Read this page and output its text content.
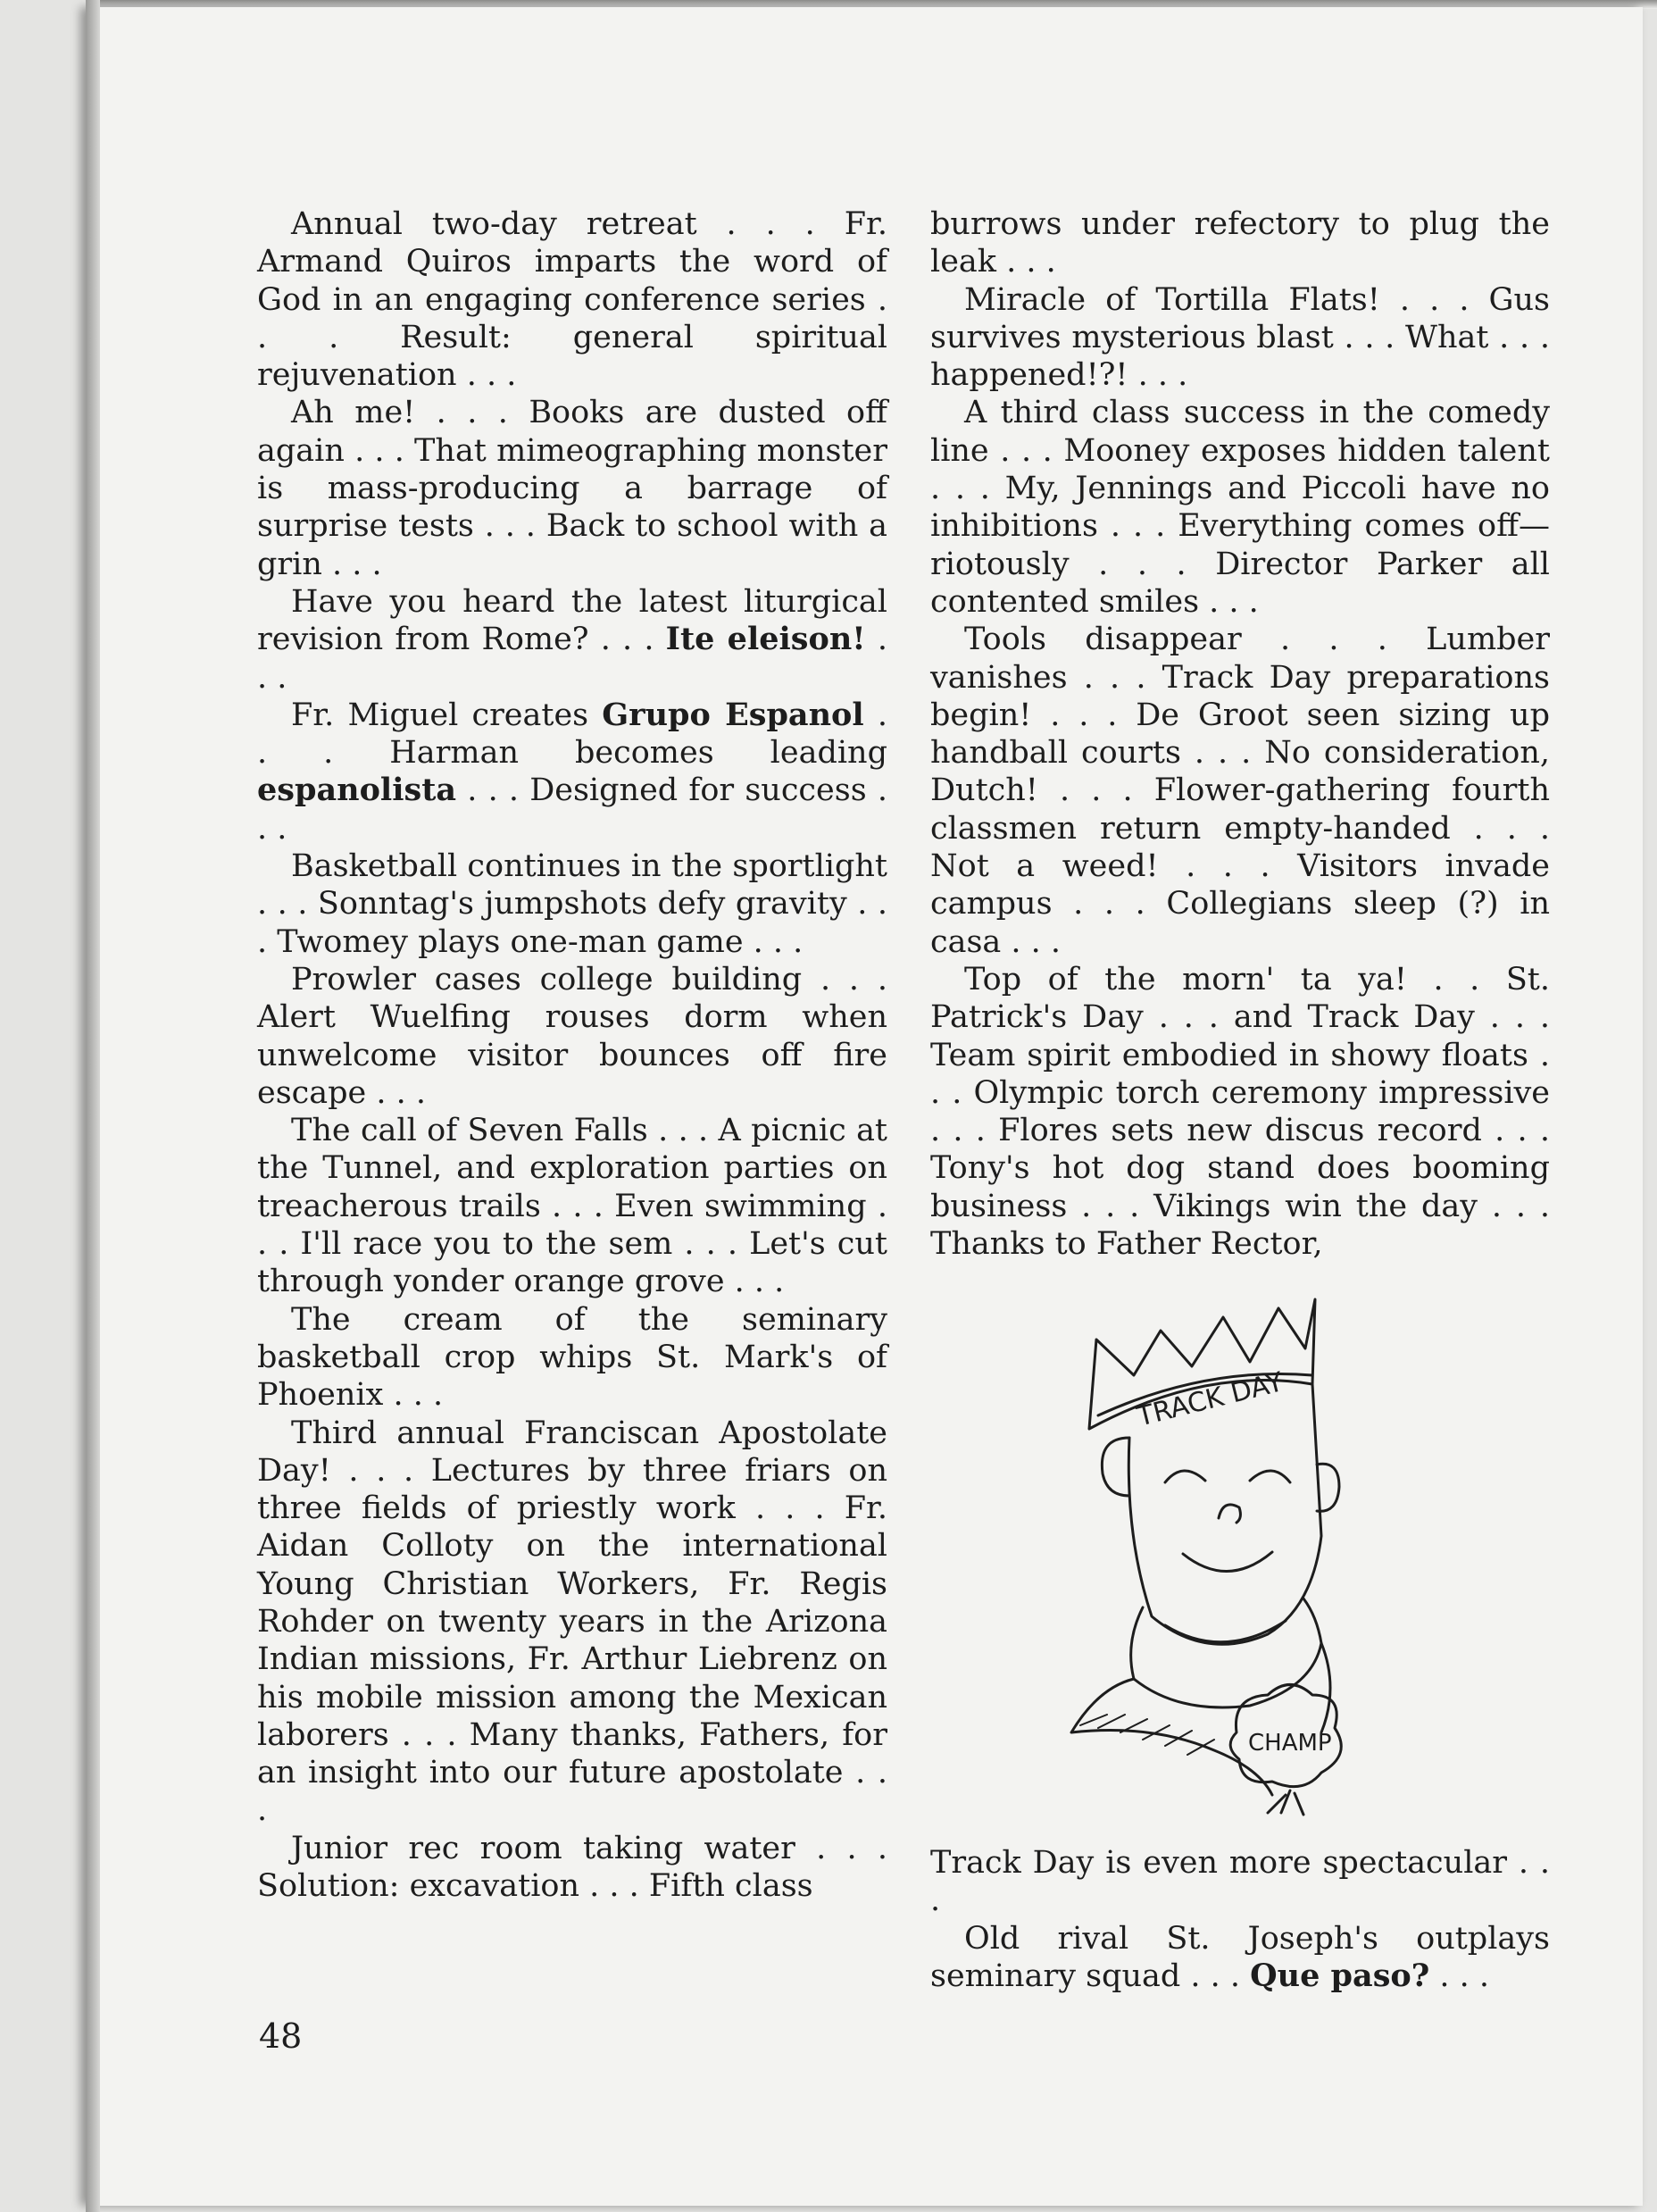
Annual two-day retreat . . . Fr. Armand Quiros imparts the word of God in an engaging conference series . . . Result: general spiritual rejuvenation . . .

Ah me! . . . Books are dusted off again . . . That mimeographing monster is mass-producing a barrage of surprise tests . . . Back to school with a grin . . .

Have you heard the latest liturgical revision from Rome? . . . Ite eleison! . . .

Fr. Miguel creates Grupo Espanol . . . Harman becomes leading espanolista . . . Designed for success . . .

Basketball continues in the sportlight . . . Sonntag's jumpshots defy gravity . . . Twomey plays one-man game . . .

Prowler cases college building . . . Alert Wuelfing rouses dorm when unwelcome visitor bounces off fire escape . . .

The call of Seven Falls . . . A picnic at the Tunnel, and exploration parties on treacherous trails . . . Even swimming . . . I'll race you to the sem . . . Let's cut through yonder orange grove . . .

The cream of the seminary basketball crop whips St. Mark's of Phoenix . . .

Third annual Franciscan Apostolate Day! . . . Lectures by three friars on three fields of priestly work . . . Fr. Aidan Colloty on the international Young Christian Workers, Fr. Regis Rohder on twenty years in the Arizona Indian missions, Fr. Arthur Liebrenz on his mobile mission among the Mexican laborers . . . Many thanks, Fathers, for an insight into our future apostolate . . .

Junior rec room taking water . . . Solution: excavation . . . Fifth class

burrows under refectory to plug the leak . . .

Miracle of Tortilla Flats! . . . Gus survives mysterious blast . . . What . . . happened!?! . . .

A third class success in the comedy line . . . Mooney exposes hidden talent . . . My, Jennings and Piccoli have no inhibitions . . . Everything comes off—riotously . . . Director Parker all contented smiles . . .

Tools disappear . . . Lumber vanishes . . . Track Day preparations begin! . . . De Groot seen sizing up handball courts . . . No consideration, Dutch! . . . Flower-gathering fourth classmen return empty-handed . . . Not a weed! . . . Visitors invade campus . . . Collegians sleep (?) in casa . . .

Top of the morn' ta ya! . . St. Patrick's Day . . . and Track Day . . . Team spirit embodied in showy floats . . . Olympic torch ceremony impressive . . . Flores sets new discus record . . . Tony's hot dog stand does booming business . . . Vikings win the day . . . Thanks to Father Rector,

TRACK DAY
CHAMP

Track Day is even more spectacular . . .

Old rival St. Joseph's outplays seminary squad . . . Que paso? . . .

48
